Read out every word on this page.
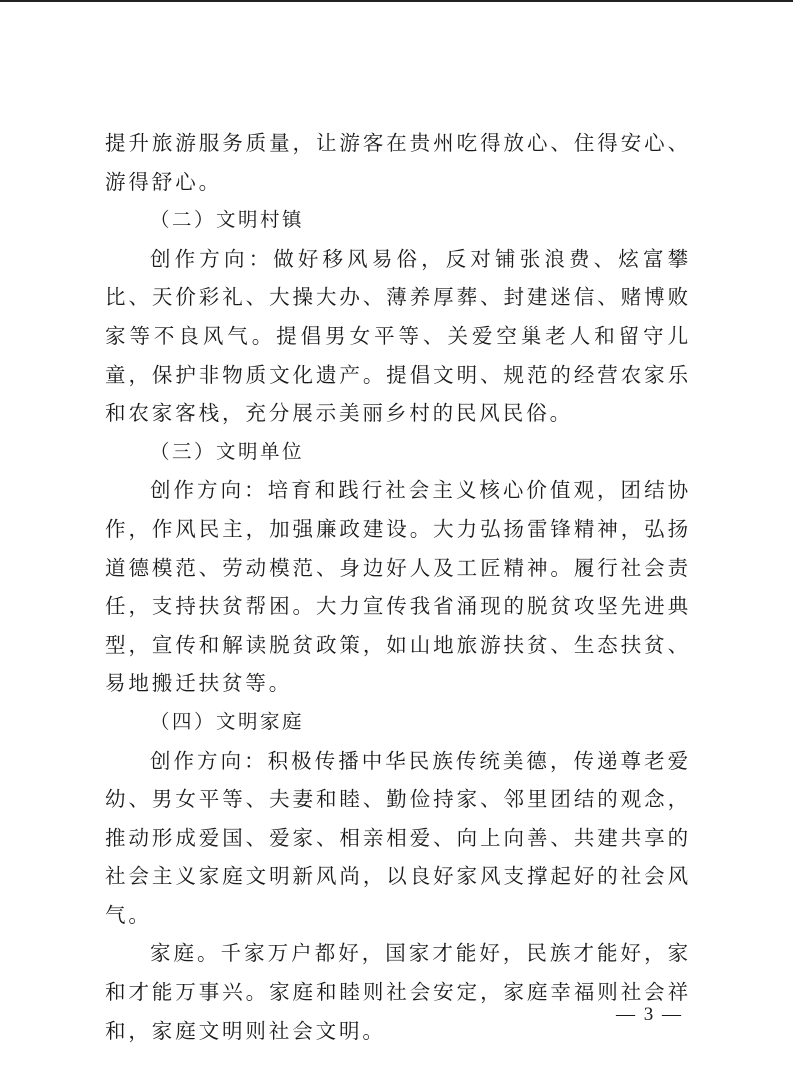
提升旅游服务质量，让游客在贵州吃得放心、住得安心、游得舒心。

（二）文明村镇

创作方向：做好移风易俗，反对铺张浪费、炫富攀比、天价彩礼、大操大办、薄养厚葬、封建迷信、赌博败家等不良风气。提倡男女平等、关爱空巢老人和留守儿童，保护非物质文化遗产。提倡文明、规范的经营农家乐和农家客栈，充分展示美丽乡村的民风民俗。

（三）文明单位

创作方向：培育和践行社会主义核心价值观，团结协作，作风民主，加强廉政建设。大力弘扬雷锋精神，弘扬道德模范、劳动模范、身边好人及工匠精神。履行社会责任，支持扶贫帮困。大力宣传我省涌现的脱贫攻坚先进典型，宣传和解读脱贫政策，如山地旅游扶贫、生态扶贫、易地搬迁扶贫等。

（四）文明家庭

创作方向：积极传播中华民族传统美德，传递尊老爱幼、男女平等、夫妻和睦、勤俭持家、邻里团结的观念，推动形成爱国、爱家、相亲相爱、向上向善、共建共享的社会主义家庭文明新风尚，以良好家风支撑起好的社会风气。

家庭。千家万户都好，国家才能好，民族才能好，家和才能万事兴。家庭和睦则社会安定，家庭幸福则社会祥和，家庭文明则社会文明。

— 3 —
